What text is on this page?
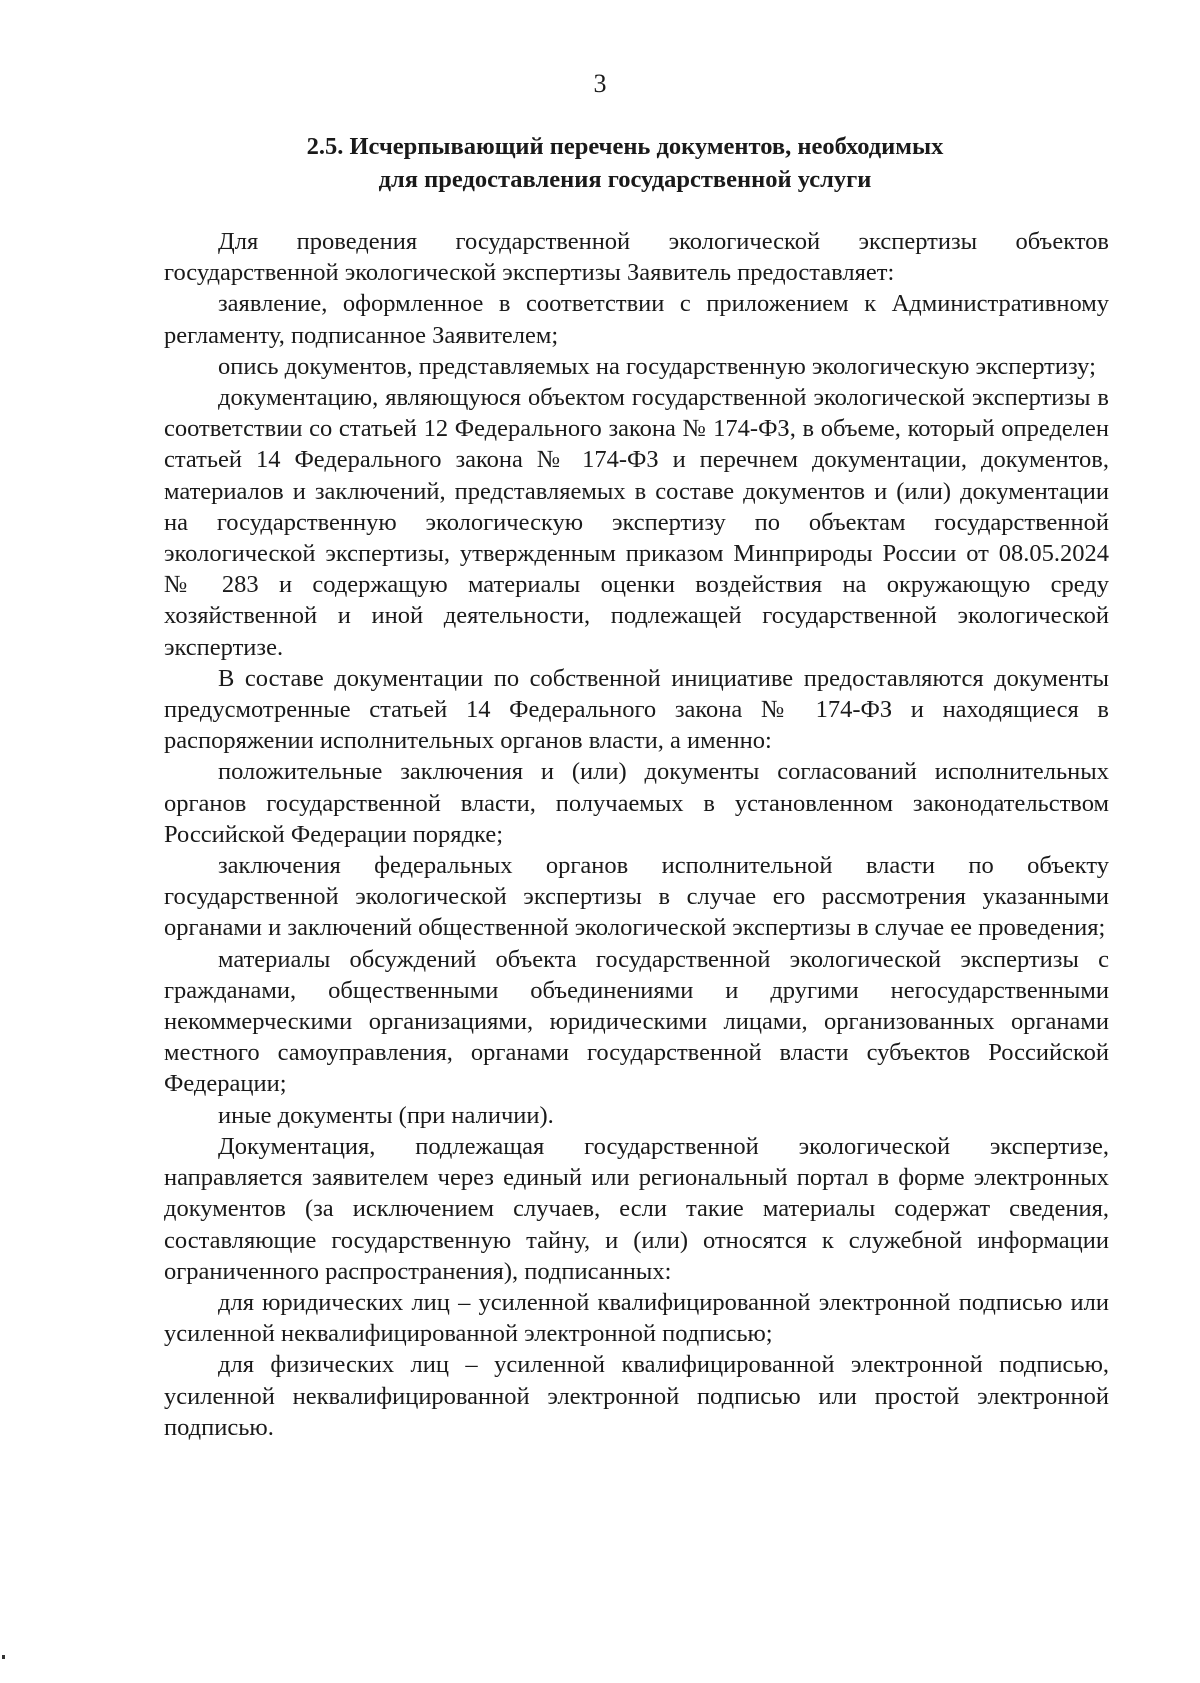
3
2.5. Исчерпывающий перечень документов, необходимых
для предоставления государственной услуги

Для проведения государственной экологической экспертизы объектов государственной экологической экспертизы Заявитель предоставляет:

заявление, оформленное в соответствии с приложением к Административному регламенту, подписанное Заявителем;

опись документов, представляемых на государственную экологическую экспертизу;

документацию, являющуюся объектом государственной экологической экспертизы в соответствии со статьей 12 Федерального закона № 174-ФЗ, в объеме, который определен статьей 14 Федерального закона № 174-ФЗ и перечнем документации, документов, материалов и заключений, представляемых в составе документов и (или) документации на государственную экологическую экспертизу по объектам государственной экологической экспертизы, утвержденным приказом Минприроды России от 08.05.2024 № 283 и содержащую материалы оценки воздействия на окружающую среду хозяйственной и иной деятельности, подлежащей государственной экологической экспертизе.

В составе документации по собственной инициативе предоставляются документы предусмотренные статьей 14 Федерального закона № 174-ФЗ и находящиеся в распоряжении исполнительных органов власти, а именно:

положительные заключения и (или) документы согласований исполнительных органов государственной власти, получаемых в установленном законодательством Российской Федерации порядке;

заключения федеральных органов исполнительной власти по объекту государственной экологической экспертизы в случае его рассмотрения указанными органами и заключений общественной экологической экспертизы в случае ее проведения;

материалы обсуждений объекта государственной экологической экспертизы с гражданами, общественными объединениями и другими негосударственными некоммерческими организациями, юридическими лицами, организованных органами местного самоуправления, органами государственной власти субъектов Российской Федерации;

иные документы (при наличии).

Документация, подлежащая государственной экологической экспертизе, направляется заявителем через единый или региональный портал в форме электронных документов (за исключением случаев, если такие материалы содержат сведения, составляющие государственную тайну, и (или) относятся к служебной информации ограниченного распространения), подписанных:

для юридических лиц – усиленной квалифицированной электронной подписью или усиленной неквалифицированной электронной подписью;

для физических лиц – усиленной квалифицированной электронной подписью, усиленной неквалифицированной электронной подписью или простой электронной подписью.
